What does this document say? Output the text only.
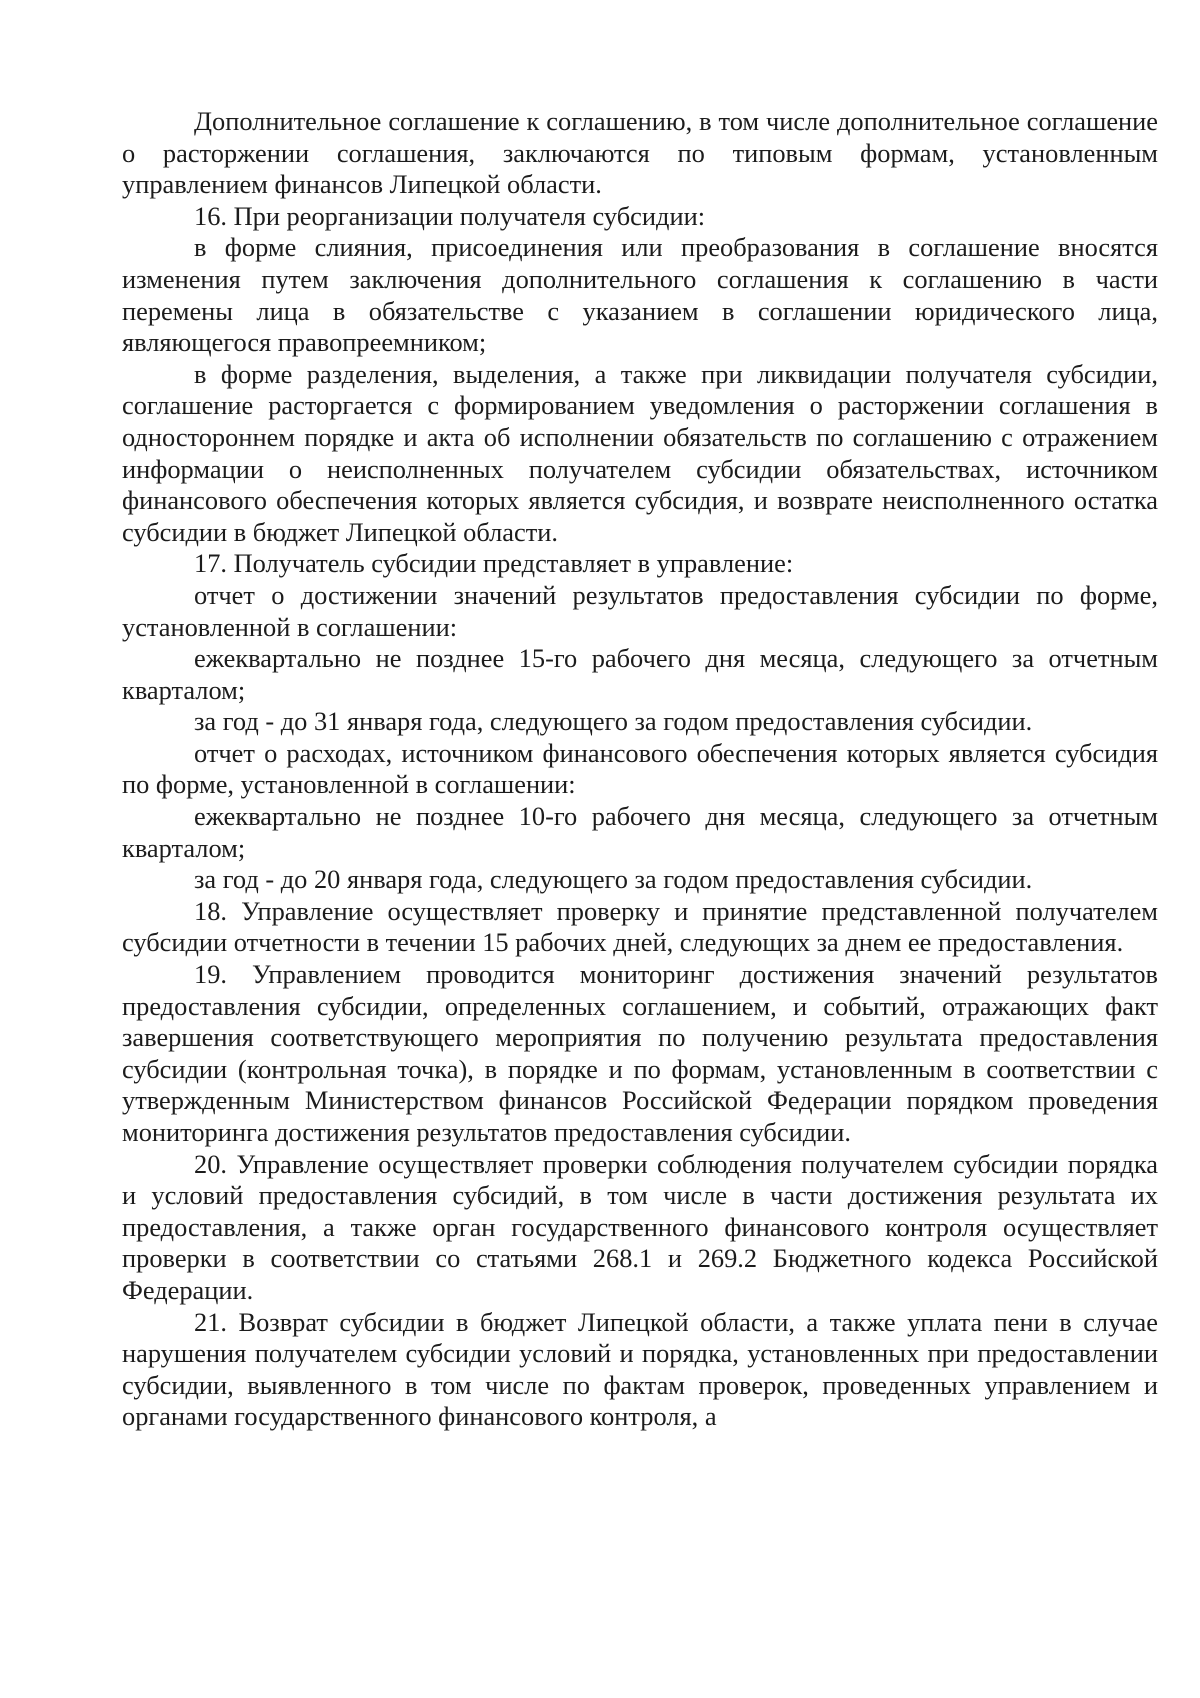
Дополнительное соглашение к соглашению, в том числе дополнительное соглашение о расторжении соглашения, заключаются по типовым формам, установленным управлением финансов Липецкой области.

16. При реорганизации получателя субсидии:

в форме слияния, присоединения или преобразования в соглашение вносятся изменения путем заключения дополнительного соглашения к соглашению в части перемены лица в обязательстве с указанием в соглашении юридического лица, являющегося правопреемником;

в форме разделения, выделения, а также при ликвидации получателя субсидии, соглашение расторгается с формированием уведомления о расторжении соглашения в одностороннем порядке и акта об исполнении обязательств по соглашению с отражением информации о неисполненных получателем субсидии обязательствах, источником финансового обеспечения которых является субсидия, и возврате неисполненного остатка субсидии в бюджет Липецкой области.

17. Получатель субсидии представляет в управление:

отчет о достижении значений результатов предоставления субсидии по форме, установленной в соглашении:

ежеквартально не позднее 15-го рабочего дня месяца, следующего за отчетным кварталом;

за год - до 31 января года, следующего за годом предоставления субсидии.

отчет о расходах, источником финансового обеспечения которых является субсидия по форме, установленной в соглашении:

ежеквартально не позднее 10-го рабочего дня месяца, следующего за отчетным кварталом;

за год - до 20 января года, следующего за годом предоставления субсидии.

18. Управление осуществляет проверку и принятие представленной получателем субсидии отчетности в течении 15 рабочих дней, следующих за днем ее предоставления.

19. Управлением проводится мониторинг достижения значений результатов предоставления субсидии, определенных соглашением, и событий, отражающих факт завершения соответствующего мероприятия по получению результата предоставления субсидии (контрольная точка), в порядке и по формам, установленным в соответствии с утвержденным Министерством финансов Российской Федерации порядком проведения мониторинга достижения результатов предоставления субсидии.

20. Управление осуществляет проверки соблюдения получателем субсидии порядка и условий предоставления субсидий, в том числе в части достижения результата их предоставления, а также орган государственного финансового контроля осуществляет проверки в соответствии со статьями 268.1 и 269.2 Бюджетного кодекса Российской Федерации.

21. Возврат субсидии в бюджет Липецкой области, а также уплата пени в случае нарушения получателем субсидии условий и порядка, установленных при предоставлении субсидии, выявленного в том числе по фактам проверок, проведенных управлением и органами государственного финансового контроля, а
